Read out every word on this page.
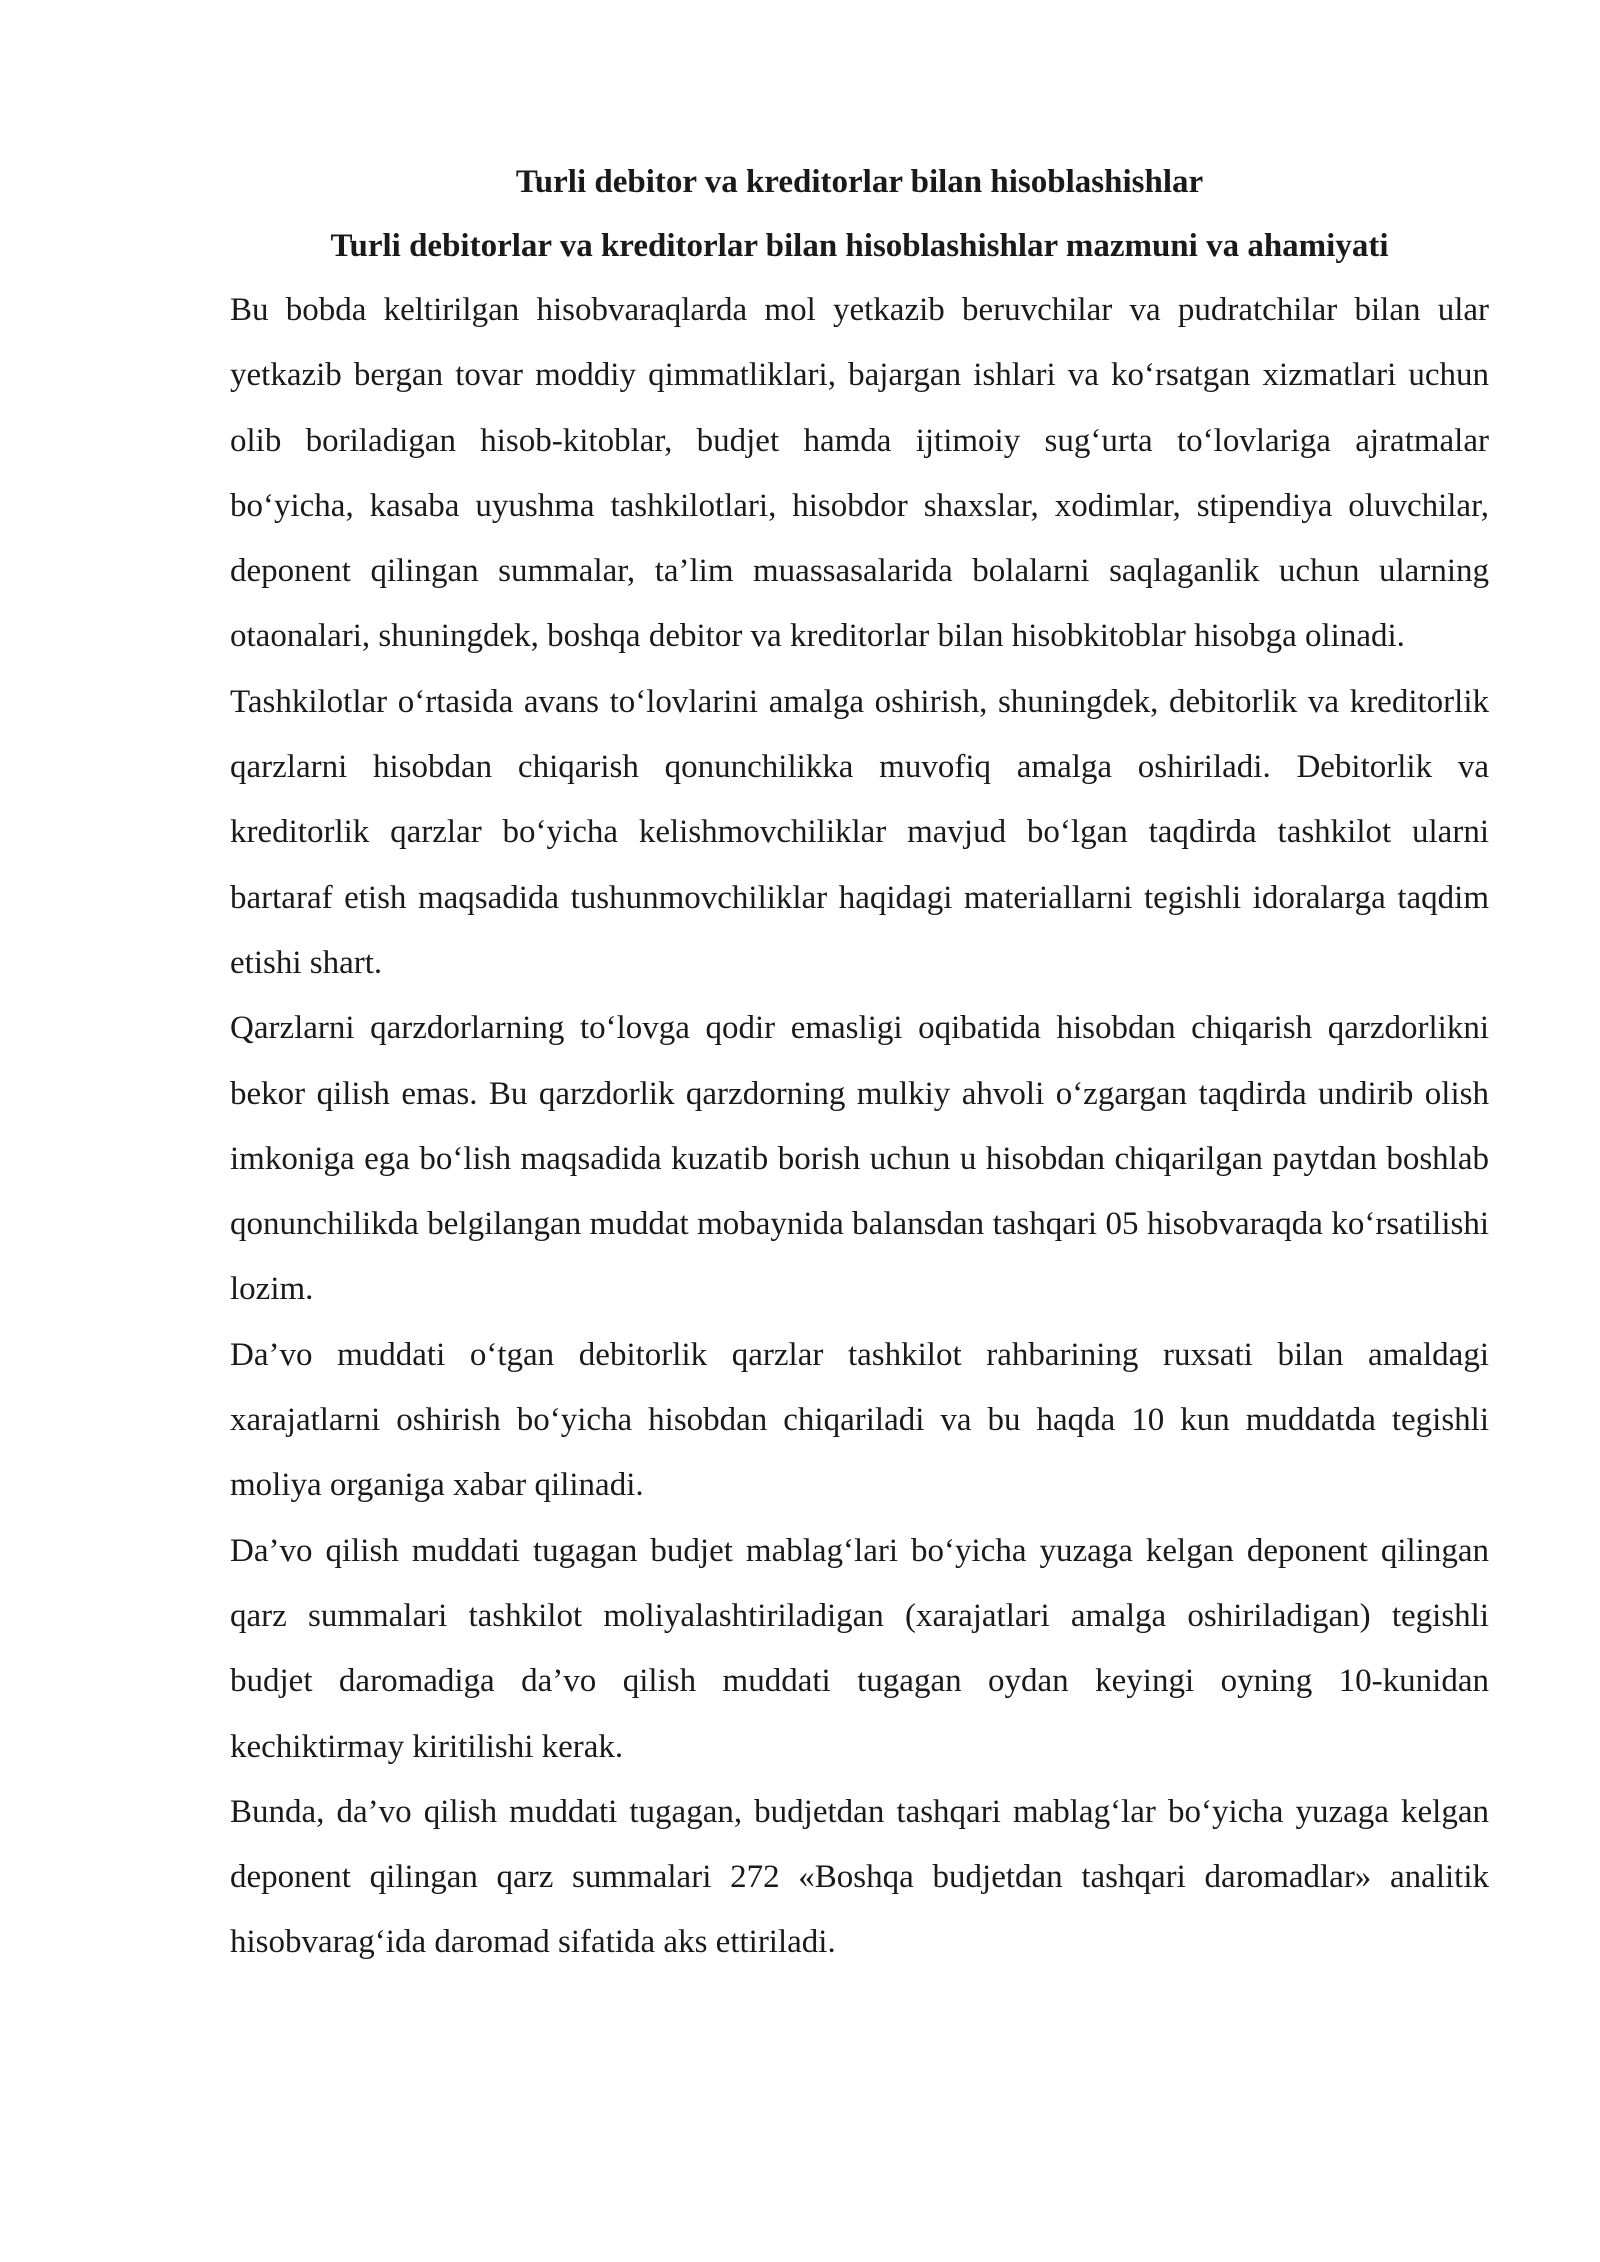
Turli debitor va kreditorlar bilan hisoblashishlar
Turli debitorlar va kreditorlar bilan hisoblashishlar mazmuni va ahamiyati

Bu bobda keltirilgan hisobvaraqlarda mol yetkazib beruvchilar va pudratchilar bilan ular yetkazib bergan tovar moddiy qimmatliklari, bajargan ishlari va ko‘rsatgan xizmatlari uchun olib boriladigan hisob-kitoblar, budjet hamda ijtimoiy sug‘urta to‘lovlariga ajratmalar bo‘yicha, kasaba uyushma tashkilotlari, hisobdor shaxslar, xodimlar, stipendiya oluvchilar, deponent qilingan summalar, ta’lim muassasalarida bolalarni saqlaganlik uchun ularning otaonalari, shuningdek, boshqa debitor va kreditorlar bilan hisobkitoblar hisobga olinadi.

Tashkilotlar o‘rtasida avans to‘lovlarini amalga oshirish, shuningdek, debitorlik va kreditorlik qarzlarni hisobdan chiqarish qonunchilikka muvofiq amalga oshiriladi. Debitorlik va kreditorlik qarzlar bo‘yicha kelishmovchiliklar mavjud bo‘lgan taqdirda tashkilot ularni bartaraf etish maqsadida tushunmovchiliklar haqidagi materiallarni tegishli idoralarga taqdim etishi shart.

Qarzlarni qarzdorlarning to‘lovga qodir emasligi oqibatida hisobdan chiqarish qarzdorlikni bekor qilish emas. Bu qarzdorlik qarzdorning mulkiy ahvoli o‘zgargan taqdirda undirib olish imkoniga ega bo‘lish maqsadida kuzatib borish uchun u hisobdan chiqarilgan paytdan boshlab qonunchilikda belgilangan muddat mobaynida balansdan tashqari 05 hisobvaraqda ko‘rsatilishi lozim.

Da’vo muddati o‘tgan debitorlik qarzlar tashkilot rahbarining ruxsati bilan amaldagi xarajatlarni oshirish bo‘yicha hisobdan chiqariladi va bu haqda 10 kun muddatda tegishli moliya organiga xabar qilinadi.

Da’vo qilish muddati tugagan budjet mablag‘lari bo‘yicha yuzaga kelgan deponent qilingan qarz summalari tashkilot moliyalashtiriladigan (xarajatlari amalga oshiriladigan) tegishli budjet daromadiga da’vo qilish muddati tugagan oydan keyingi oyning 10-kunidan kechiktirmay kiritilishi kerak.

Bunda, da’vo qilish muddati tugagan, budjetdan tashqari mablag‘lar bo‘yicha yuzaga kelgan deponent qilingan qarz summalari 272 «Boshqa budjetdan tashqari daromadlar» analitik hisobvarag‘ida daromad sifatida aks ettiriladi.
